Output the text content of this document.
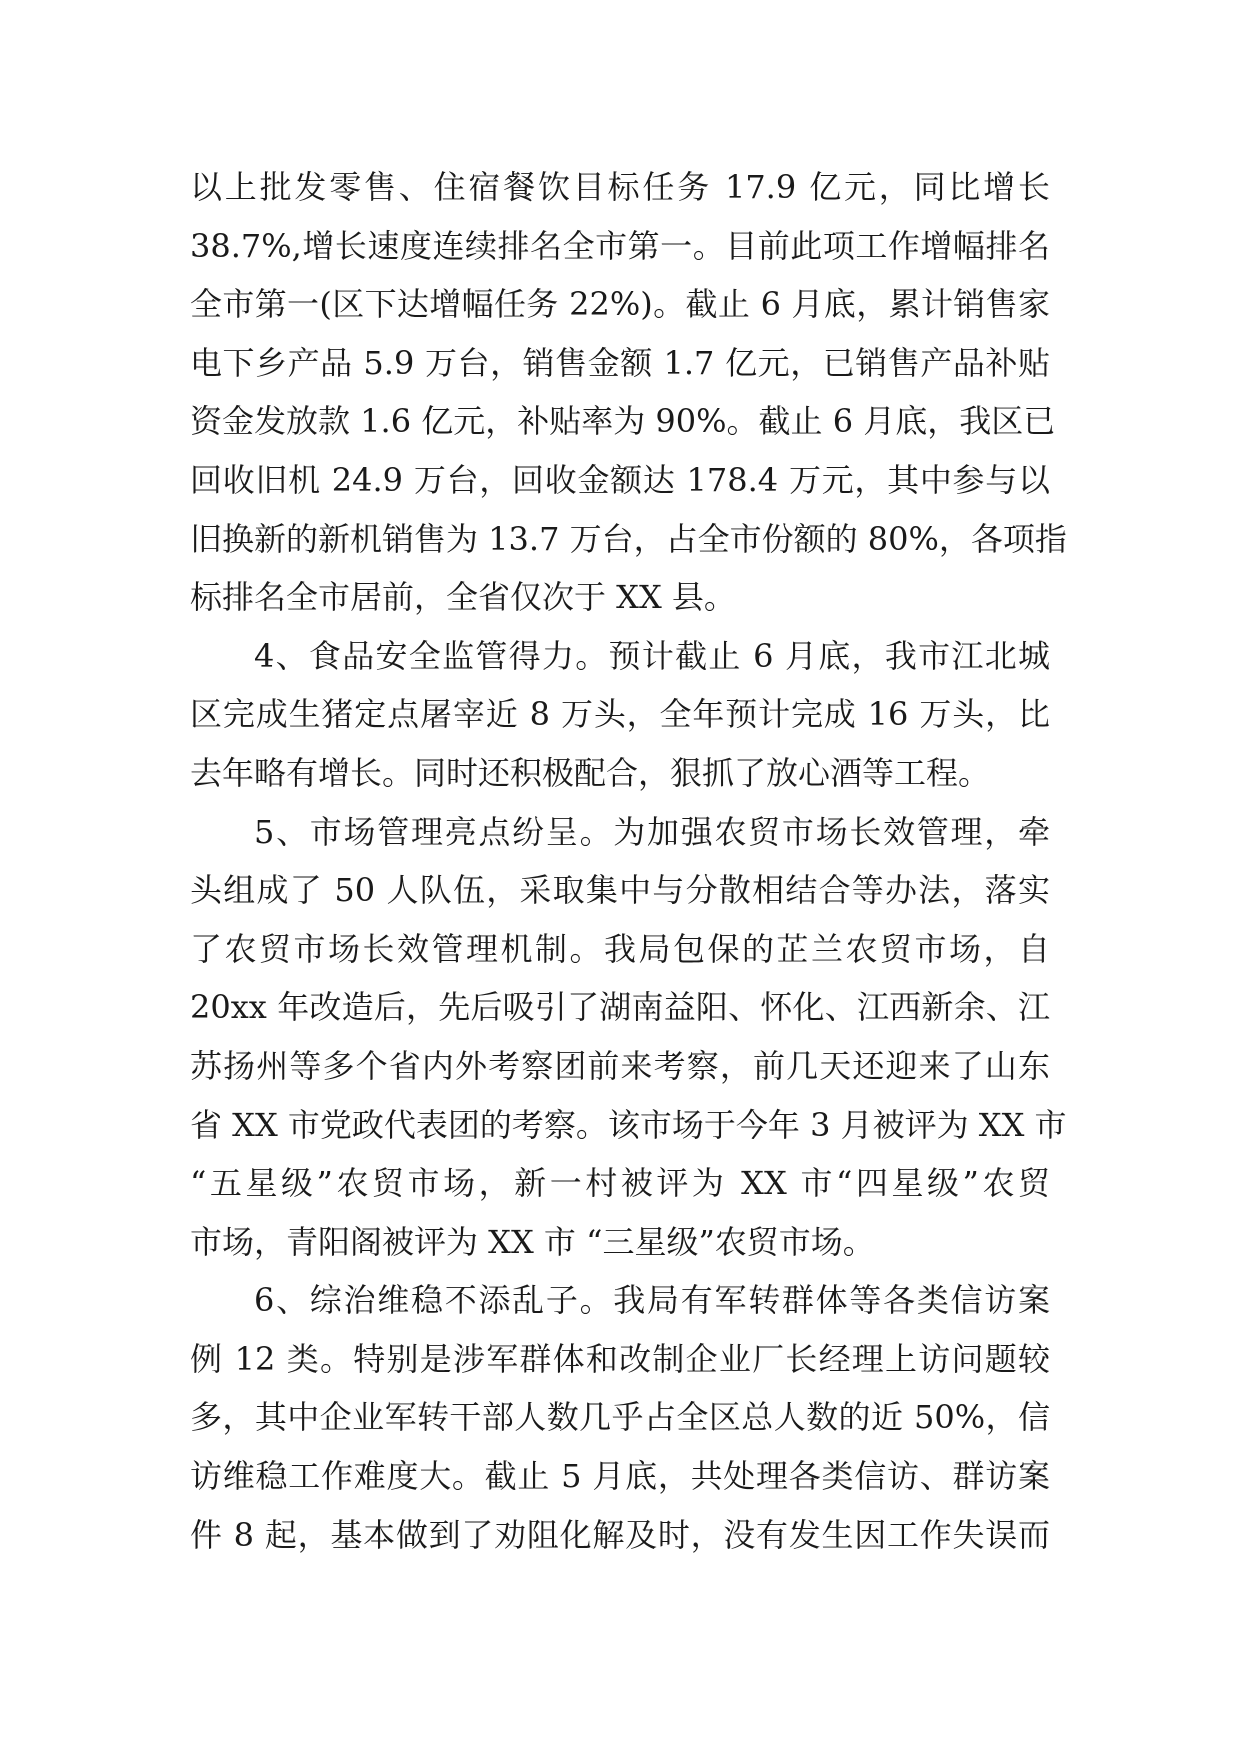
以上批发零售、住宿餐饮目标任务 17.9 亿元，同比增长
38.7%,增长速度连续排名全市第一。目前此项工作增幅排名
全市第一(区下达增幅任务 22%)。截止 6 月底，累计销售家
电下乡产品 5.9 万台，销售金额 1.7 亿元，已销售产品补贴
资金发放款 1.6 亿元，补贴率为 90%。截止 6 月底，我区已
回收旧机 24.9 万台，回收金额达 178.4 万元，其中参与以
旧换新的新机销售为 13.7 万台，占全市份额的 80%，各项指
标排名全市居前，全省仅次于 XX 县。
4、食品安全监管得力。预计截止 6 月底，我市江北城
区完成生猪定点屠宰近 8 万头，全年预计完成 16 万头，比
去年略有增长。同时还积极配合，狠抓了放心酒等工程。
5、市场管理亮点纷呈。为加强农贸市场长效管理，牵
头组成了 50 人队伍，采取集中与分散相结合等办法，落实
了农贸市场长效管理机制。我局包保的芷兰农贸市场，自
20xx 年改造后，先后吸引了湖南益阳、怀化、江西新余、江
苏扬州等多个省内外考察团前来考察，前几天还迎来了山东
省 XX 市党政代表团的考察。该市场于今年 3 月被评为 XX 市
“五星级”农贸市场，新一村被评为 XX 市“四星级”农贸
市场，青阳阁被评为 XX 市 “三星级”农贸市场。
6、综治维稳不添乱子。我局有军转群体等各类信访案
例 12 类。特别是涉军群体和改制企业厂长经理上访问题较
多，其中企业军转干部人数几乎占全区总人数的近 50%，信
访维稳工作难度大。截止 5 月底，共处理各类信访、群访案
件 8 起，基本做到了劝阻化解及时，没有发生因工作失误而
